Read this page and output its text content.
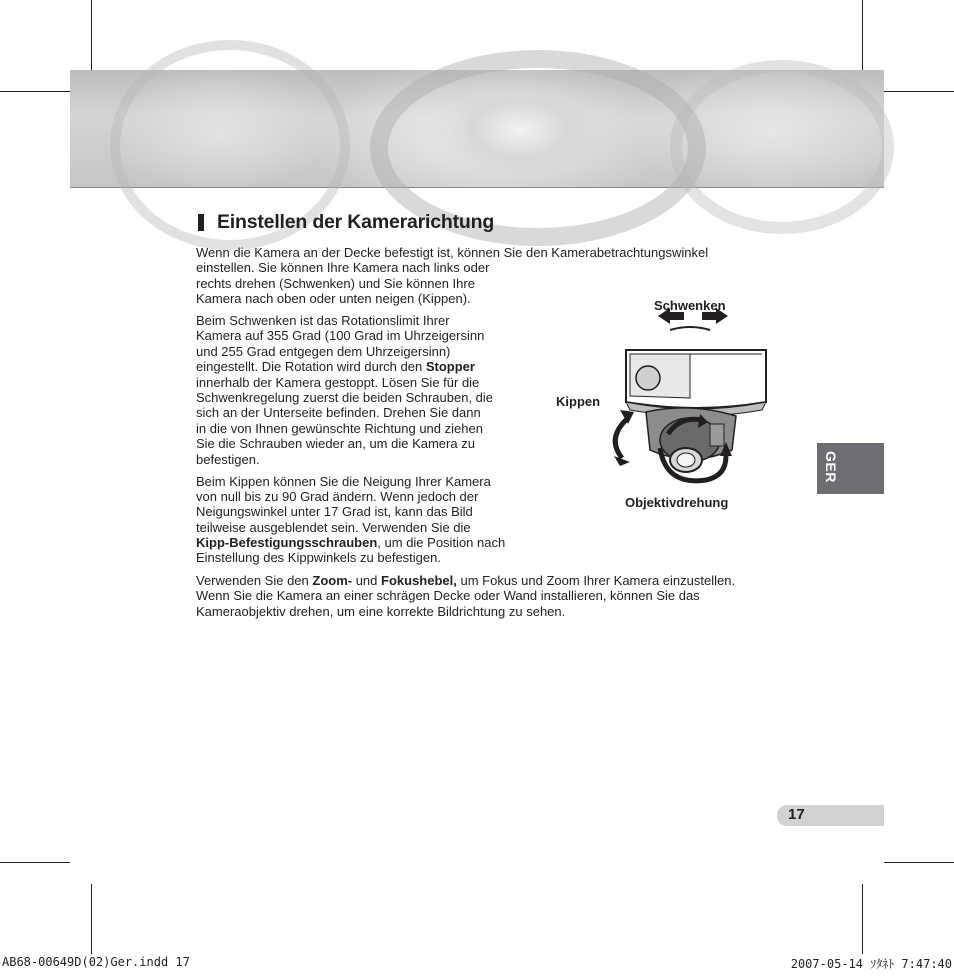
Einstellen der Kamerarichtung

Wenn die Kamera an der Decke befestigt ist, können Sie den Kamerabetrachtungswinkel

einstellen. Sie können Ihre Kamera nach links oder

rechts drehen (Schwenken) und Sie können Ihre

Kamera nach oben oder unten neigen (Kippen).

Beim Schwenken ist das Rotationslimit Ihrer

Kamera auf 355 Grad (100 Grad im Uhrzeigersinn

und 255 Grad entgegen dem Uhrzeigersinn)

eingestellt. Die Rotation wird durch den Stopper

innerhalb der Kamera gestoppt. Lösen Sie für die

Schwenkregelung zuerst die beiden Schrauben, die

sich an der Unterseite befinden. Drehen Sie dann

in die von Ihnen gewünschte Richtung und ziehen

Sie die Schrauben wieder an, um die Kamera zu

befestigen.

Beim Kippen können Sie die Neigung Ihrer Kamera

von null bis zu 90 Grad ändern. Wenn jedoch der

Neigungswinkel unter 17 Grad ist, kann das Bild

teilweise ausgeblendet sein. Verwenden Sie die

Kipp-Befestigungsschrauben, um die Position nach

Einstellung des Kippwinkels zu befestigen.

Verwenden Sie den Zoom- und Fokushebel, um Fokus und Zoom Ihrer Kamera einzustellen.

Wenn Sie die Kamera an einer schrägen Decke oder Wand installieren, können Sie das

Kameraobjektiv drehen, um eine korrekte Bildrichtung zu sehen.

Schwenken

Kippen

Objektivdrehung

GER

17

AB68-00649D(02)Ger.indd 17	2007-05-14 ｿﾀﾈﾄ 7:47:40
